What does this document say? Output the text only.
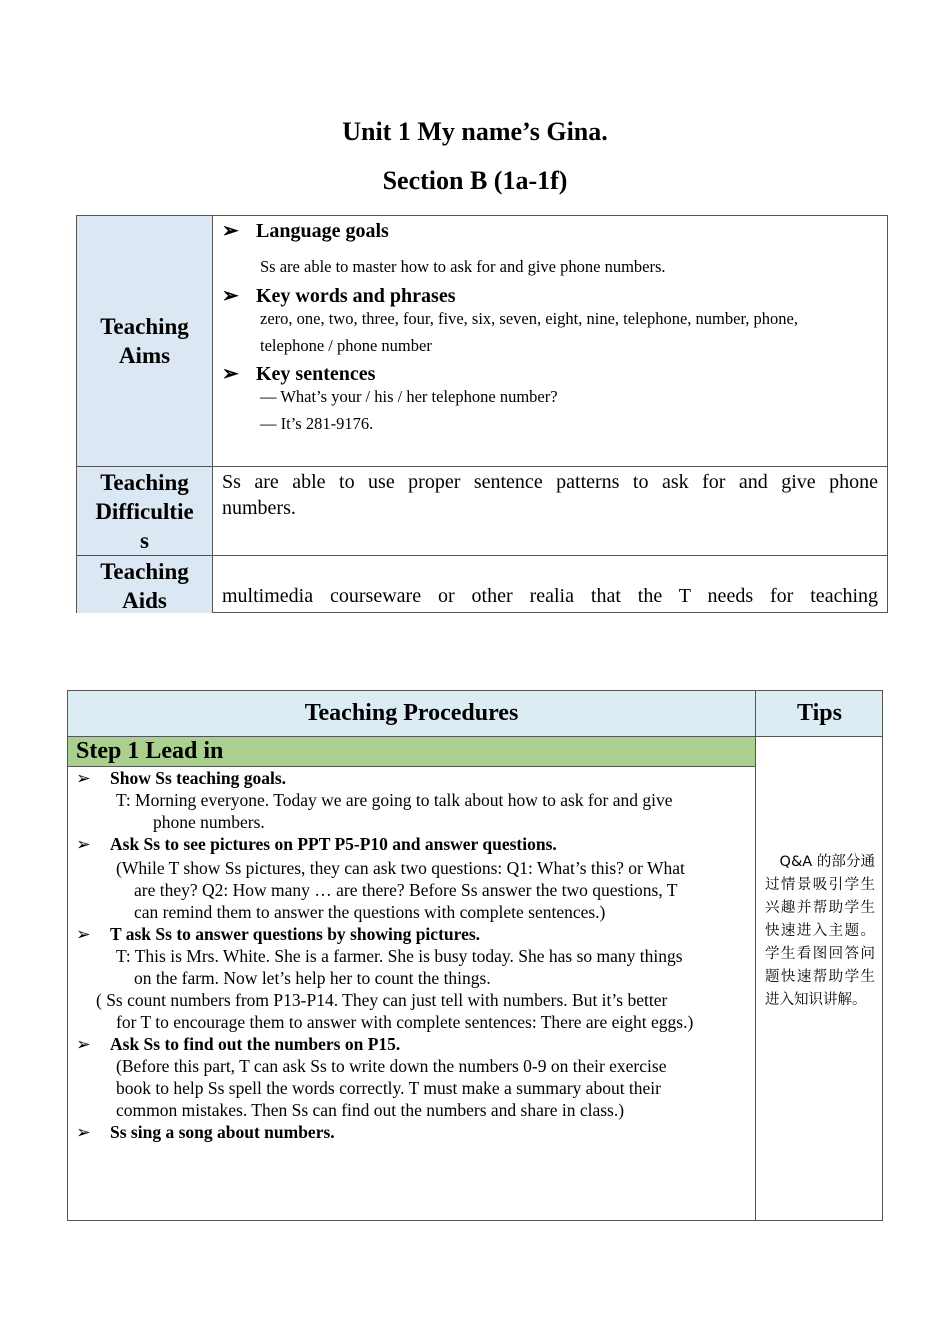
Unit 1 My name’s Gina.
Section B (1a-1f)
Teaching
Aims
➢ Language goals
Ss are able to master how to ask for and give phone numbers.
➢ Key words and phrases
zero, one, two, three, four, five, six, seven, eight, nine, telephone, number, phone,
telephone / phone number
➢ Key sentences
— What’s your / his / her telephone number?
— It’s 281-9176.
Teaching
Difficultie
s
Ss are able to use proper sentence patterns to ask for and give phone
numbers.
Teaching
Aids	multimedia courseware or other realia that the T needs for teaching
Teaching Procedures	Tips
Step 1 Lead in
➢ Show Ss teaching goals.
T: Morning everyone. Today we are going to talk about how to ask for and give
phone numbers.
➢ Ask Ss to see pictures on PPT P5-P10 and answer questions.
(While T show Ss pictures, they can ask two questions: Q1: What’s this? or What
are they? Q2: How many … are there? Before Ss answer the two questions, T
can remind them to answer the questions with complete sentences.)
➢ T ask Ss to answer questions by showing pictures.
T: This is Mrs. White. She is a farmer. She is busy today. She has so many things
on the farm. Now let’s help her to count the things.
( Ss count numbers from P13-P14. They can just tell with numbers. But it’s better
for T to encourage them to answer with complete sentences: There are eight eggs.)
➢ Ask Ss to find out the numbers on P15.
(Before this part, T can ask Ss to write down the numbers 0-9 on their exercise
book to help Ss spell the words correctly. T must make a summary about their
common mistakes. Then Ss can find out the numbers and share in class.)
➢ Ss sing a song about numbers.
　Q&A 的部分通过情景吸引学生兴趣并帮助学生快速进入主题。学生看图回答问题快速帮助学生进入知识讲解。
